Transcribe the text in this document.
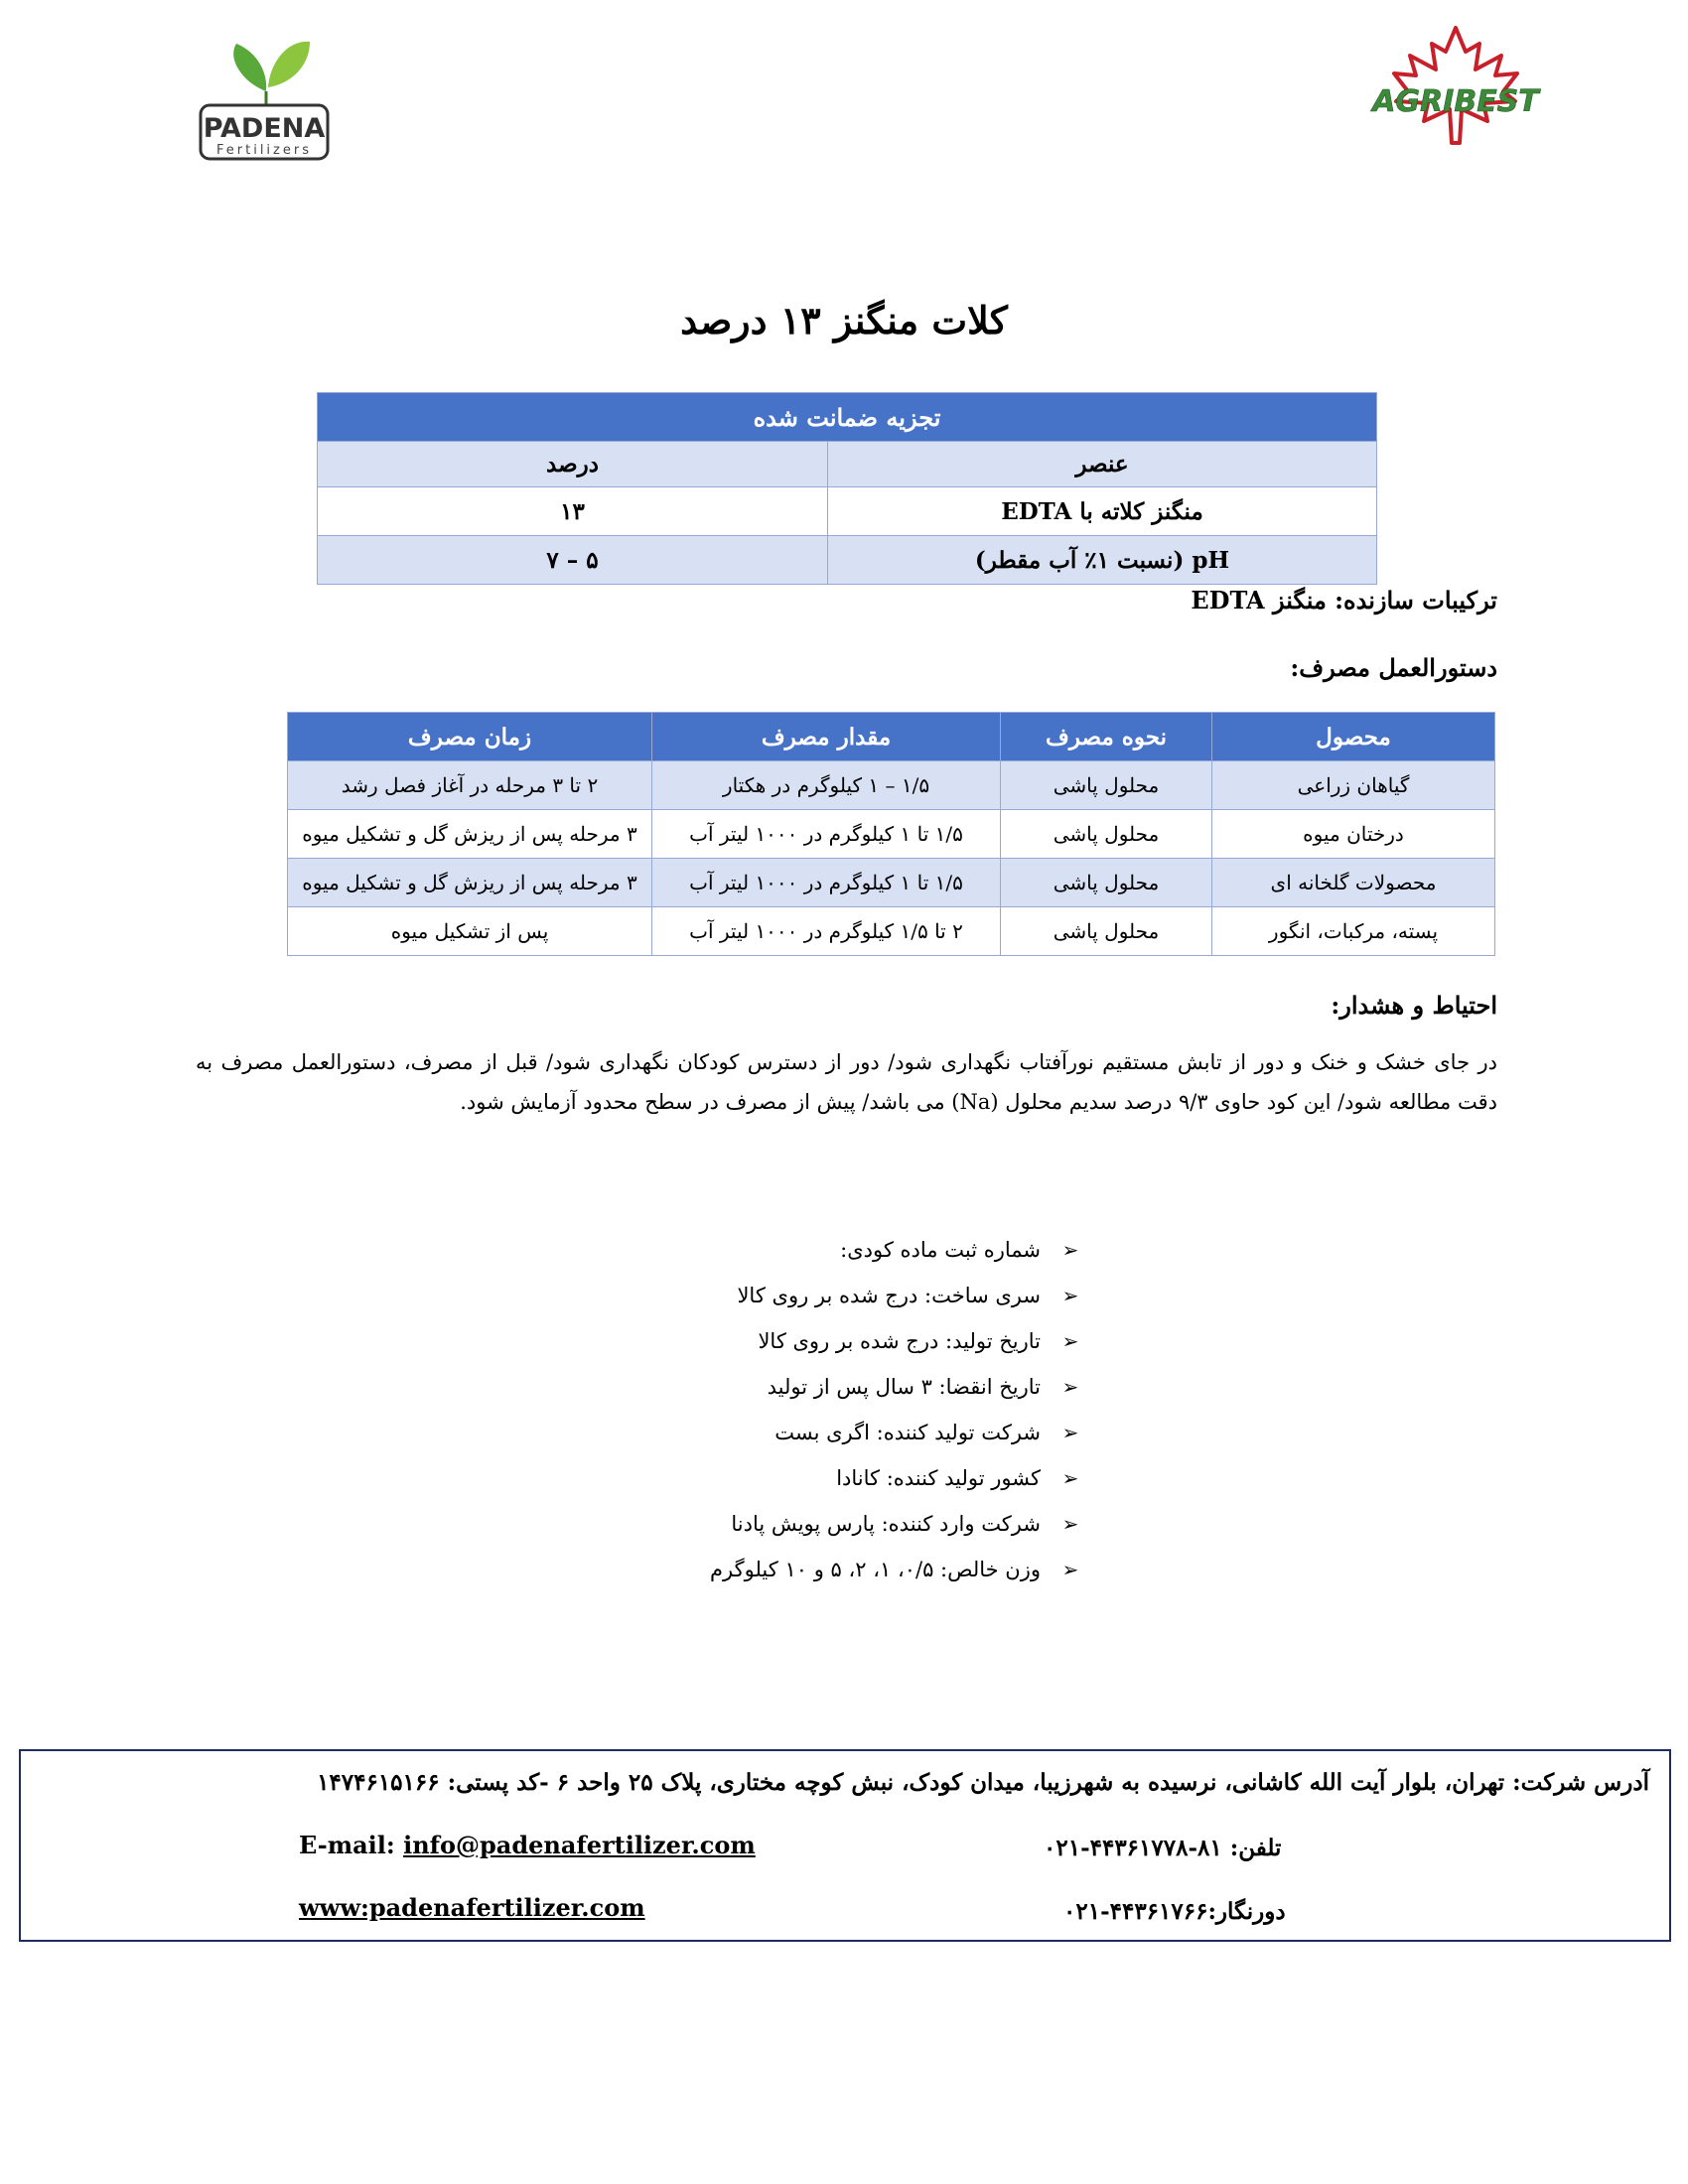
PADENA
Fertilizers
AGRIBEST
کلات منگنز ۱۳ درصد
تجزیه ضمانت شده	
عنصر	درصد
منگنز کلاته با EDTA	۱۳
pH (نسبت ۱٪ آب مقطر)	۵ – ۷
ترکیبات سازنده: منگنز EDTA
دستورالعمل مصرف:
محصول	نحوه مصرف	مقدار مصرف	زمان مصرف
گیاهان زراعی	محلول پاشی	۱/۵ – ۱ کیلوگرم در هکتار	۲ تا ۳ مرحله در آغاز فصل رشد
درختان میوه	محلول پاشی	۱/۵ تا ۱ کیلوگرم در ۱۰۰۰ لیتر آب	۳ مرحله پس از ریزش گل و تشکیل میوه
محصولات گلخانه ای	محلول پاشی	۱/۵ تا ۱ کیلوگرم در ۱۰۰۰ لیتر آب	۳ مرحله پس از ریزش گل و تشکیل میوه
پسته، مرکبات، انگور	محلول پاشی	۲ تا ۱/۵ کیلوگرم در ۱۰۰۰ لیتر آب	پس از تشکیل میوه
احتیاط و هشدار:
در جای خشک و خنک و دور از تابش مستقیم نورآفتاب نگهداری شود/ دور از دسترس کودکان نگهداری شود/ قبل از مصرف، دستورالعمل مصرف به دقت مطالعه شود/ این کود حاوی ۹/۳ درصد سدیم محلول (Na) می باشد/ پیش از مصرف در سطح محدود آزمایش شود.
➢
شماره ثبت ماده کودی:
➢
سری ساخت: درج شده بر روی کالا
➢
تاریخ تولید: درج شده بر روی کالا
➢
تاریخ انقضا: ۳ سال پس از تولید
➢
شرکت تولید کننده: اگری بست
➢
کشور تولید کننده: کانادا
➢
شرکت وارد کننده: پارس پویش پادنا
➢
وزن خالص: ۰/۵، ۱، ۲، ۵ و ۱۰ کیلوگرم
آدرس شرکت: تهران، بلوار آیت الله کاشانی، نرسیده به شهرزیبا، میدان کودک، نبش کوچه مختاری، پلاک ۲۵ واحد ۶ -کد پستی: ۱۴۷۴۶۱۵۱۶۶
E-mail: info@padenafertilizer.com
www:padenafertilizer.com
تلفن: ۸۱-۴۴۳۶۱۷۷۸-۰۲۱
دورنگار:۴۴۳۶۱۷۶۶-۰۲۱
